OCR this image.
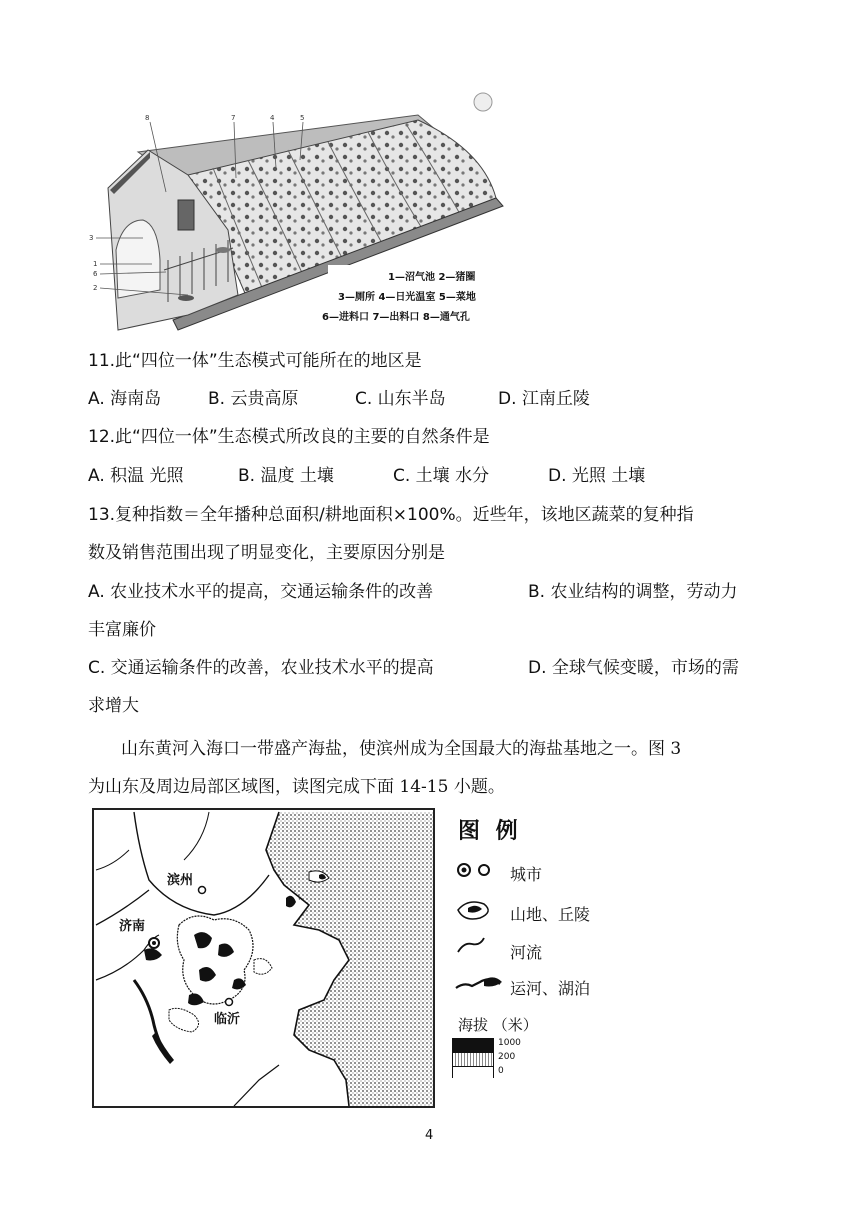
8	7	4	5
1
3
6
2
1—沼气池 2—猪圈
3—厕所 4—日光温室 5—菜地
6—进料口 7—出料口 8—通气孔
11.此“四位一体”生态模式可能所在的地区是
A. 海南岛	B. 云贵高原	C. 山东半岛	D. 江南丘陵
12.此“四位一体”生态模式所改良的主要的自然条件是
A. 积温 光照	B. 温度 土壤	C. 土壤 水分	D. 光照 土壤
13.复种指数＝全年播种总面积/耕地面积×100%。近些年，该地区蔬菜的复种指
数及销售范围出现了明显变化，主要原因分别是
A. 农业技术水平的提高，交通运输条件的改善	B. 农业结构的调整，劳动力
丰富廉价
C. 交通运输条件的改善，农业技术水平的提高	D. 全球气候变暖，市场的需
求增大
山东黄河入海口一带盛产海盐，使滨州成为全国最大的海盐基地之一。图 3
为山东及周边局部区域图，读图完成下面 14-15 小题。
滨州
济南
临沂
图 例
城市
山地、丘陵
河流
运河、湖泊
海拔 （米）
1000
200
0
4
